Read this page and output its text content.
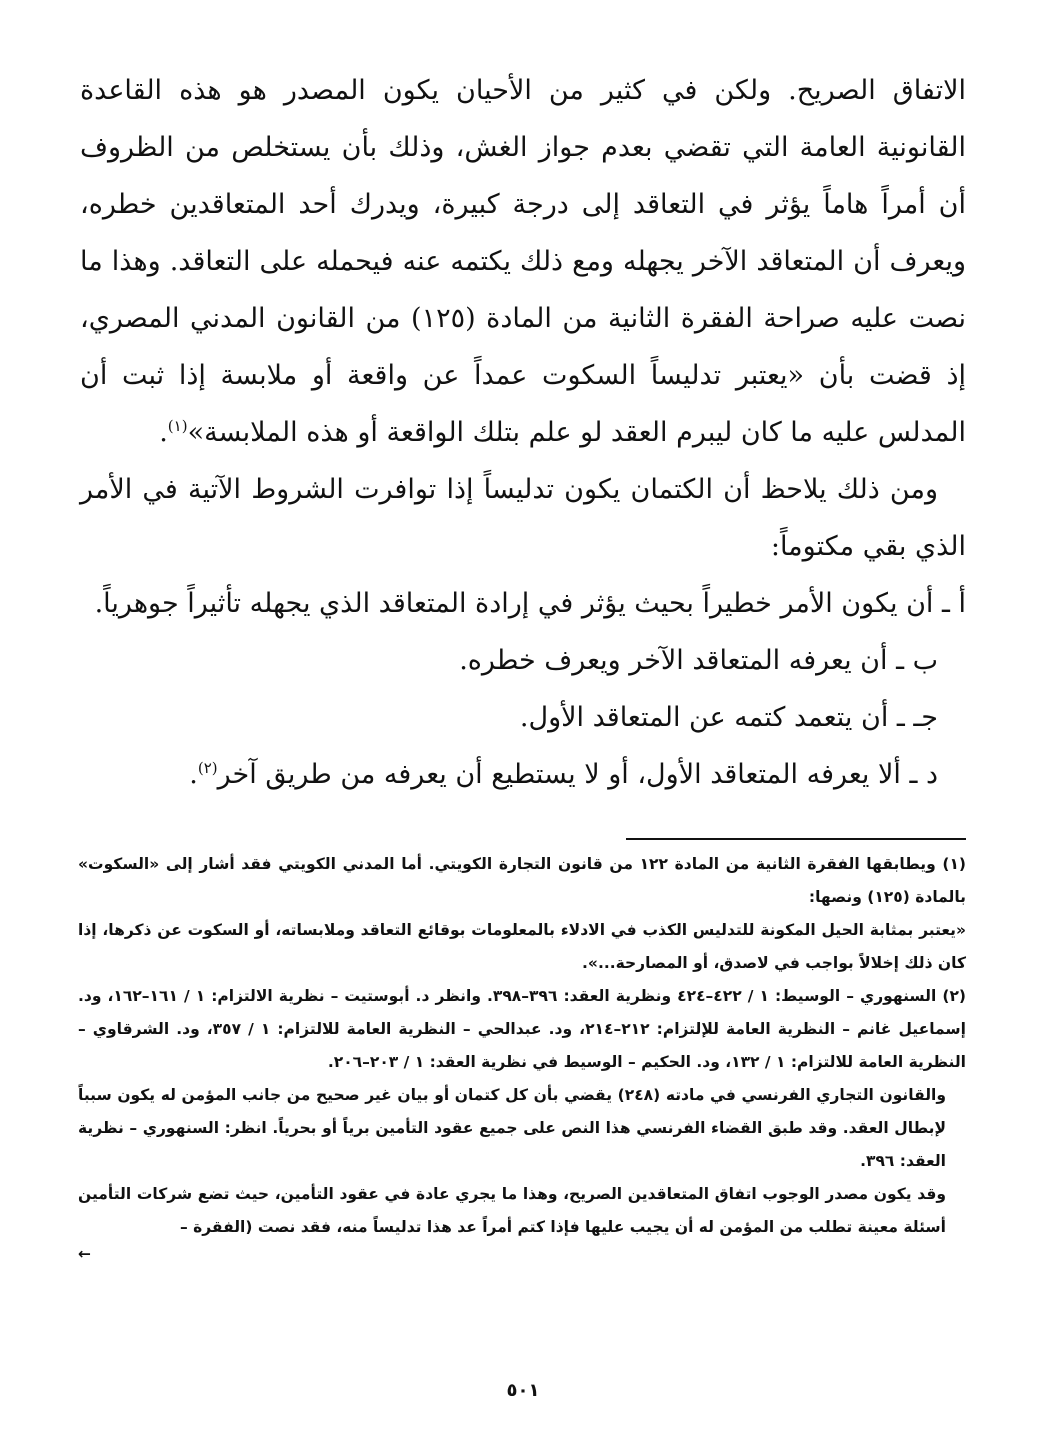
الاتفاق الصريح. ولكن في كثير من الأحيان يكون المصدر هو هذه القاعدة القانونية العامة التي تقضي بعدم جواز الغش، وذلك بأن يستخلص من الظروف أن أمراً هاماً يؤثر في التعاقد إلى درجة كبيرة، ويدرك أحد المتعاقدين خطره، ويعرف أن المتعاقد الآخر يجهله ومع ذلك يكتمه عنه فيحمله على التعاقد. وهذا ما نصت عليه صراحة الفقرة الثانية من المادة (١٢٥) من القانون المدني المصري، إذ قضت بأن «يعتبر تدليساً السكوت عمداً عن واقعة أو ملابسة إذا ثبت أن المدلس عليه ما كان ليبرم العقد لو علم بتلك الواقعة أو هذه الملابسة»$^{(١)}$.

ومن ذلك يلاحظ أن الكتمان يكون تدليساً إذا توافرت الشروط الآتية في الأمر الذي بقي مكتوماً:

أ ـ أن يكون الأمر خطيراً بحيث يؤثر في إرادة المتعاقد الذي يجهله تأثيراً جوهرياً.

ب ـ أن يعرفه المتعاقد الآخر ويعرف خطره.

جـ ـ أن يتعمد كتمه عن المتعاقد الأول.

د ـ ألا يعرفه المتعاقد الأول، أو لا يستطيع أن يعرفه من طريق آخر$^{(٢)}$.

(١) ويطابقها الفقرة الثانية من المادة ١٢٢ من قانون التجارة الكويتي. أما المدني الكويتي فقد أشار إلى «السكوت» بالمادة (١٢٥) ونصها:

«يعتبر بمثابة الحيل المكونة للتدليس الكذب في الادلاء بالمعلومات بوقائع التعاقد وملابساته، أو السكوت عن ذكرها، إذا كان ذلك إخلالاً بواجب في لاصدق، أو المصارحة...».

(٢) السنهوري – الوسيط: ١ / ٤٢٢–٤٢٤ ونظرية العقد: ٣٩٦–٣٩٨. وانظر د. أبوستيت – نظرية الالتزام: ١ / ١٦١–١٦٢، ود. إسماعيل غانم – النظرية العامة للإلتزام: ٢١٢–٢١٤، ود. عبدالحي – النظرية العامة للالتزام: ١ / ٣٥٧، ود. الشرقاوي – النظرية العامة للالتزام: ١ / ١٣٢، ود. الحكيم – الوسيط في نظرية العقد: ١ / ٢٠٣–٢٠٦.

والقانون التجاري الفرنسي في مادته (٢٤٨) يقضي بأن كل كتمان أو بيان غير صحيح من جانب المؤمن له يكون سبباً لإبطال العقد. وقد طبق القضاء الفرنسي هذا النص على جميع عقود التأمين برياً أو بحرياً. انظر: السنهوري – نظرية العقد: ٣٩٦.

وقد يكون مصدر الوجوب اتفاق المتعاقدين الصريح، وهذا ما يجري عادة في عقود التأمين، حيث تضع شركات التأمين أسئلة معينة تطلب من المؤمن له أن يجيب عليها فإذا كتم أمراً عد هذا تدليساً منه، فقد نصت (الفقرة –

←

٥٠١
